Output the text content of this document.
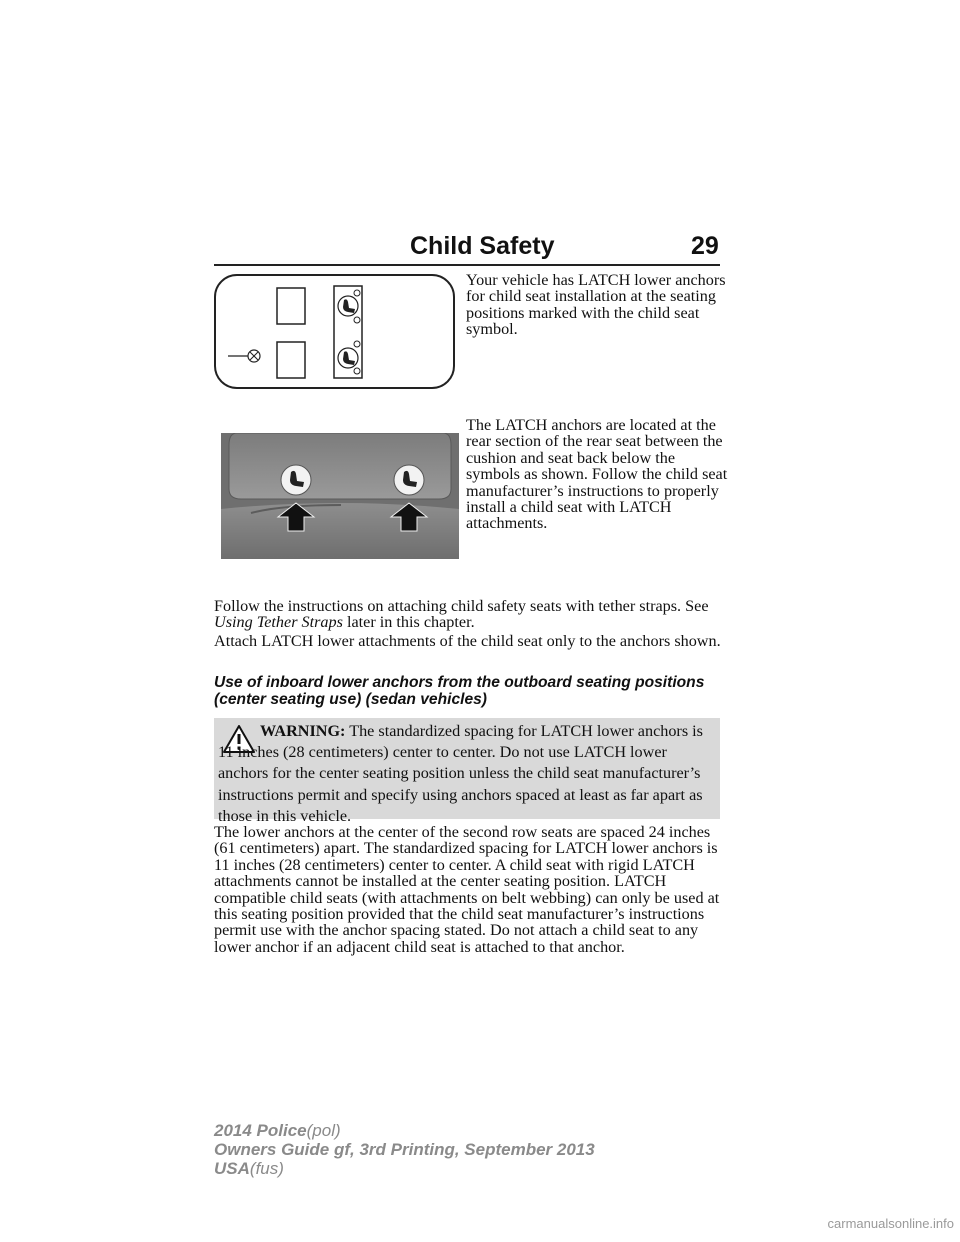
Child Safety	29

Your vehicle has LATCH lower anchors for child seat installation at the seating positions marked with the child seat symbol.

The LATCH anchors are located at the rear section of the rear seat between the cushion and seat back below the symbols as shown. Follow the child seat manufacturer’s instructions to properly install a child seat with LATCH attachments.

Follow the instructions on attaching child safety seats with tether straps. See Using Tether Straps later in this chapter.

Attach LATCH lower attachments of the child seat only to the anchors shown.

Use of inboard lower anchors from the outboard seating positions (center seating use) (sedan vehicles)

WARNING: The standardized spacing for LATCH lower anchors is 11 inches (28 centimeters) center to center. Do not use LATCH lower anchors for the center seating position unless the child seat manufacturer’s instructions permit and specify using anchors spaced at least as far apart as those in this vehicle.

The lower anchors at the center of the second row seats are spaced 24 inches (61 centimeters) apart. The standardized spacing for LATCH lower anchors is 11 inches (28 centimeters) center to center. A child seat with rigid LATCH attachments cannot be installed at the center seating position. LATCH compatible child seats (with attachments on belt webbing) can only be used at this seating position provided that the child seat manufacturer’s instructions permit use with the anchor spacing stated. Do not attach a child seat to any lower anchor if an adjacent child seat is attached to that anchor.

2014 Police(pol)
Owners Guide gf, 3rd Printing, September 2013
USA(fus)
carmanualsonline.info
